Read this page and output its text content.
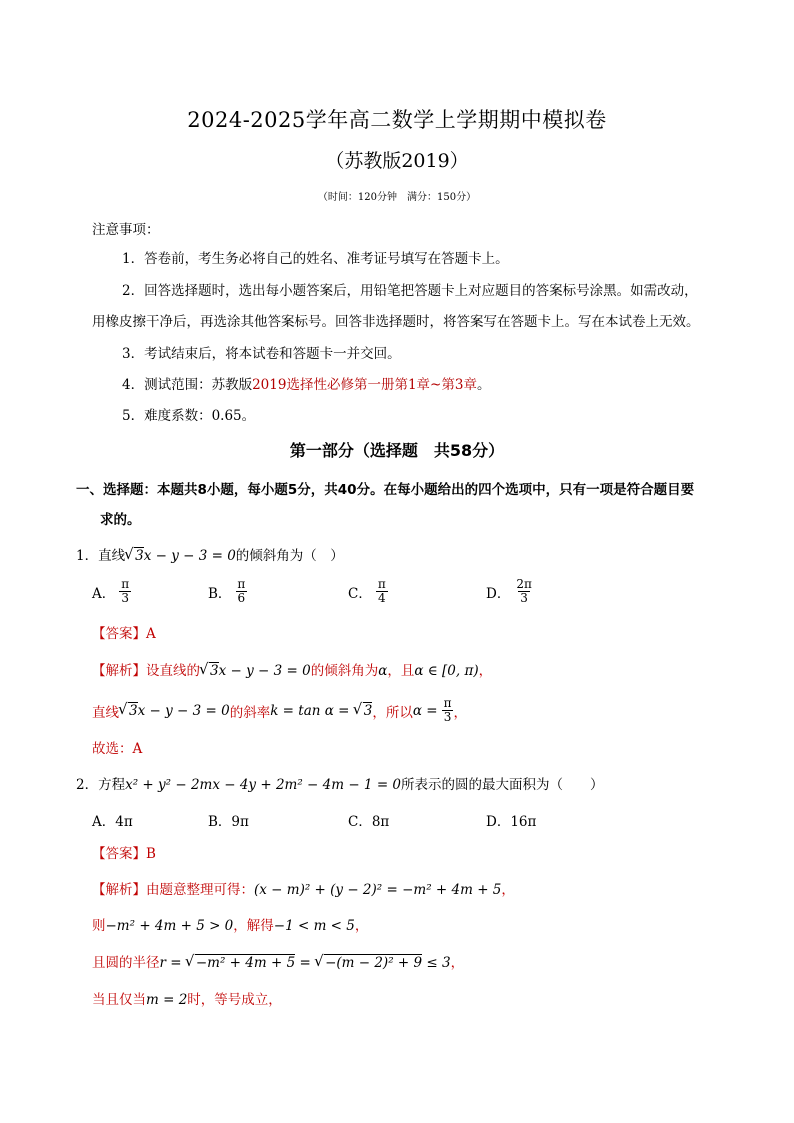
2024-2025学年高二数学上学期期中模拟卷
（苏教版2019）
（时间：120分钟　满分：150分）
注意事项：
1．答卷前，考生务必将自己的姓名、准考证号填写在答题卡上。
2．回答选择题时，选出每小题答案后，用铅笔把答题卡上对应题目的答案标号涂黑。如需改动，
用橡皮擦干净后，再选涂其他答案标号。回答非选择题时，将答案写在答题卡上。写在本试卷上无效。
3．考试结束后，将本试卷和答题卡一并交回。
4．测试范围：苏教版2019选择性必修第一册第1章~第3章。
5．难度系数：0.65。
第一部分（选择题　共58分）
一、选择题：本题共8小题，每小题5分，共40分。在每小题给出的四个选项中，只有一项是符合题目要
求的。
1．直线 √ 3x − y − 3 = 0的倾斜角为（　）
A． $\frac{\pi}{3}$	B． $\frac{\pi}{6}$	C． $\frac{\pi}{4}$	D． $\frac{2\pi}{3}$
【答案】A
【解析】设直线的 √ 3x − y − 3 = 0的倾斜角为α，且α ∈ [0, π)，
直线 √ 3x − y − 3 = 0 的斜率 k = tan α = √ 3 ，所以 $\alpha = \frac{\pi}{3}$ ，
故选：A
2．方程x² + y² − 2mx − 4y + 2m² − 4m − 1 = 0所表示的圆的最大面积为（　　）
A．4π	B．9π	C．8π	D．16π
【答案】B
【解析】由题意整理可得：(x − m)² + (y − 2)² = −m² + 4m + 5，
则−m² + 4m + 5 > 0，解得−1 < m < 5，
且圆的半径r = √ −m² + 4m + 5 = √ −(m − 2)² + 9 ≤ 3，
当且仅当m = 2时，等号成立，
